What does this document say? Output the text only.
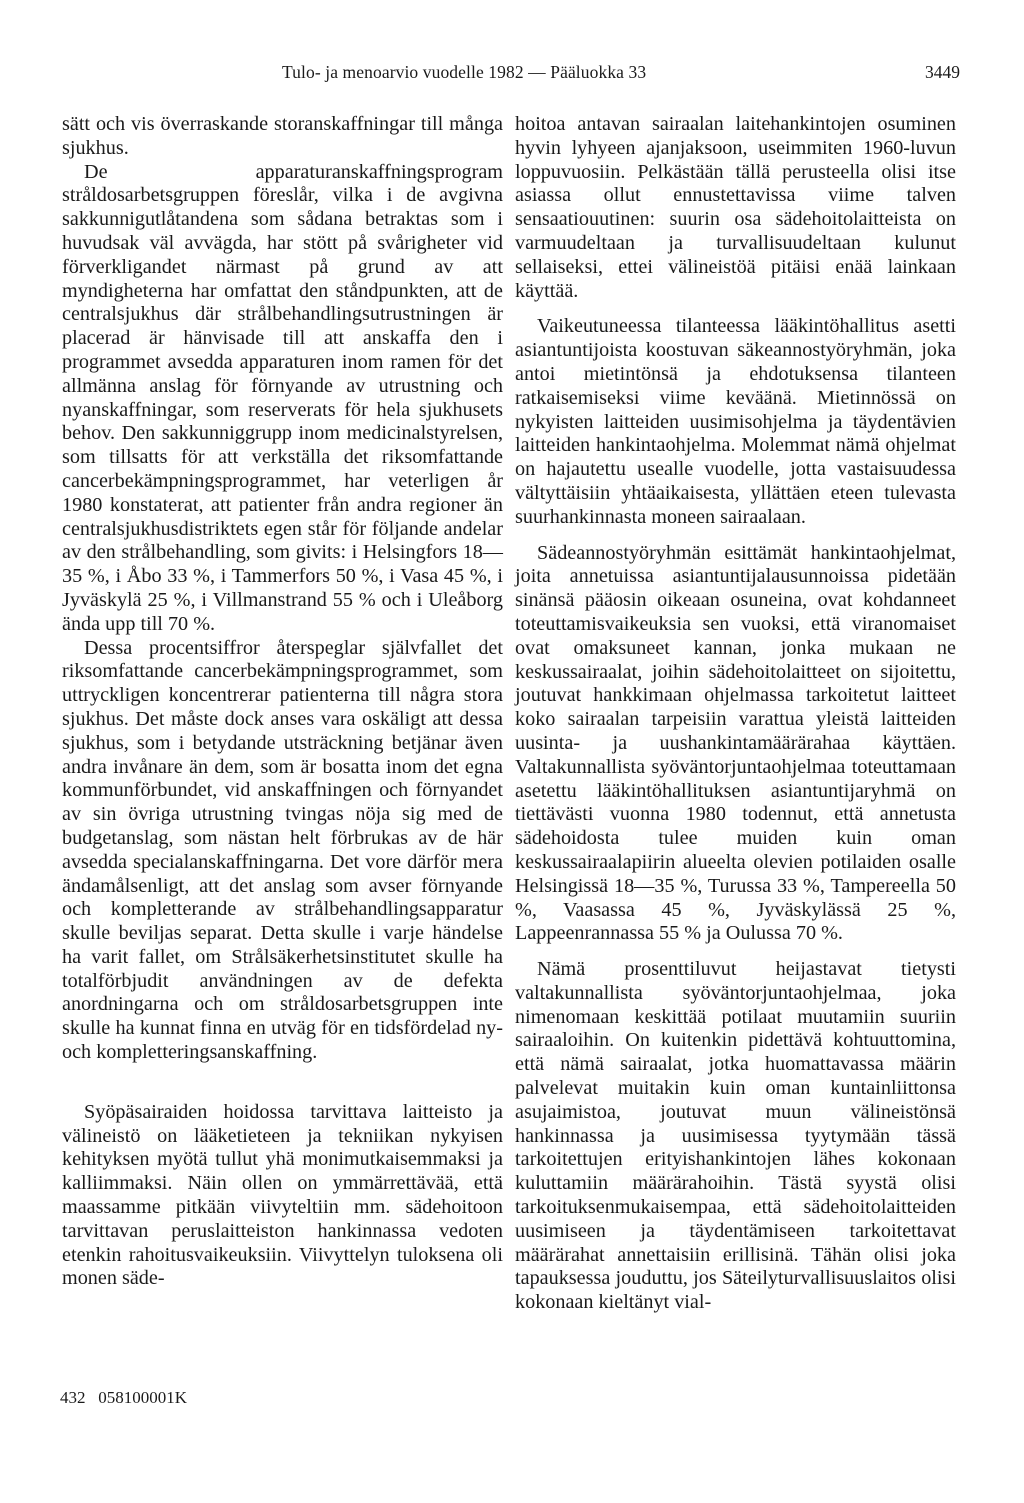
Tulo- ja menoarvio vuodelle 1982 — Pääluokka 33	3449

sätt och vis överraskande storanskaffningar till många sjukhus.

De apparaturanskaffningsprogram stråldosarbetsgruppen föreslår, vilka i de avgivna sakkunnigutlåtandena som sådana betraktas som i huvudsak väl avvägda, har stött på svårigheter vid förverkligandet närmast på grund av att myndigheterna har omfattat den ståndpunkten, att de centralsjukhus där strålbehandlingsutrustningen är placerad är hänvisade till att anskaffa den i programmet avsedda apparaturen inom ramen för det allmänna anslag för förnyande av utrustning och nyanskaffningar, som reserverats för hela sjukhusets behov. Den sakkunniggrupp inom medicinalstyrelsen, som tillsatts för att verkställa det riksomfattande cancerbekämpningsprogrammet, har veterligen år 1980 konstaterat, att patienter från andra regioner än centralsjukhusdistriktets egen står för följande andelar av den strålbehandling, som givits: i Helsingfors 18—35 %, i Åbo 33 %, i Tammerfors 50 %, i Vasa 45 %, i Jyväskylä 25 %, i Villmanstrand 55 % och i Uleåborg ända upp till 70 %.

Dessa procentsiffror återspeglar självfallet det riksomfattande cancerbekämpningsprogrammet, som uttryckligen koncentrerar patienterna till några stora sjukhus. Det måste dock anses vara oskäligt att dessa sjukhus, som i betydande utsträckning betjänar även andra invånare än dem, som är bosatta inom det egna kommunförbundet, vid anskaffningen och förnyandet av sin övriga utrustning tvingas nöja sig med de budgetanslag, som nästan helt förbrukas av de här avsedda specialanskaffningarna. Det vore därför mera ändamålsenligt, att det anslag som avser förnyande och kompletterande av strålbehandlingsapparatur skulle beviljas separat. Detta skulle i varje händelse ha varit fallet, om Strålsäkerhetsinstitutet skulle ha totalförbjudit användningen av de defekta anordningarna och om stråldosarbetsgruppen inte skulle ha kunnat finna en utväg för en tidsfördelad ny- och kompletteringsanskaffning.

Syöpäsairaiden hoidossa tarvittava laitteisto ja välineistö on lääketieteen ja tekniikan nykyisen kehityksen myötä tullut yhä monimutkaisemmaksi ja kalliimmaksi. Näin ollen on ymmärrettävää, että maassamme pitkään viivyteltiin mm. sädehoitoon tarvittavan peruslaitteiston hankinnassa vedoten etenkin rahoitusvaikeuksiin. Viivyttelyn tuloksena oli monen säde-

hoitoa antavan sairaalan laitehankintojen osuminen hyvin lyhyeen ajanjaksoon, useimmiten 1960-luvun loppuvuosiin. Pelkästään tällä perusteella olisi itse asiassa ollut ennustettavissa viime talven sensaatiouutinen: suurin osa sädehoitolaitteista on varmuudeltaan ja turvallisuudeltaan kulunut sellaiseksi, ettei välineistöä pitäisi enää lainkaan käyttää.

Vaikeutuneessa tilanteessa lääkintöhallitus asetti asiantuntijoista koostuvan säkeannostyöryhmän, joka antoi mietintönsä ja ehdotuksensa tilanteen ratkaisemiseksi viime keväänä. Mietinnössä on nykyisten laitteiden uusimisohjelma ja täydentävien laitteiden hankintaohjelma. Molemmat nämä ohjelmat on hajautettu usealle vuodelle, jotta vastaisuudessa vältyttäisiin yhtäaikaisesta, yllättäen eteen tulevasta suurhankinnasta moneen sairaalaan.

Sädeannostyöryhmän esittämät hankintaohjelmat, joita annetuissa asiantuntijalausunnoissa pidetään sinänsä pääosin oikeaan osuneina, ovat kohdanneet toteuttamisvaikeuksia sen vuoksi, että viranomaiset ovat omaksuneet kannan, jonka mukaan ne keskussairaalat, joihin sädehoitolaitteet on sijoitettu, joutuvat hankkimaan ohjelmassa tarkoitetut laitteet koko sairaalan tarpeisiin varattua yleistä laitteiden uusinta- ja uushankintamäärärahaa käyttäen. Valtakunnallista syöväntorjuntaohjelmaa toteuttamaan asetettu lääkintöhallituksen asiantuntijaryhmä on tiettävästi vuonna 1980 todennut, että annetusta sädehoidosta tulee muiden kuin oman keskussairaalapiirin alueelta olevien potilaiden osalle Helsingissä 18—35 %, Turussa 33 %, Tampereella 50 %, Vaasassa 45 %, Jyväskylässä 25 %, Lappeenrannassa 55 % ja Oulussa 70 %.

Nämä prosenttiluvut heijastavat tietysti valtakunnallista syöväntorjuntaohjelmaa, joka nimenomaan keskittää potilaat muutamiin suuriin sairaaloihin. On kuitenkin pidettävä kohtuuttomina, että nämä sairaalat, jotka huomattavassa määrin palvelevat muitakin kuin oman kuntainliittonsa asujaimistoa, joutuvat muun välineistönsä hankinnassa ja uusimisessa tyytymään tässä tarkoitettujen erityishankintojen lähes kokonaan kuluttamiin määrärahoihin. Tästä syystä olisi tarkoituksenmukaisempaa, että sädehoitolaitteiden uusimiseen ja täydentämiseen tarkoitettavat määrärahat annettaisiin erillisinä. Tähän olisi joka tapauksessa jouduttu, jos Säteilyturvallisuuslaitos olisi kokonaan kieltänyt vial-

432   058100001K
